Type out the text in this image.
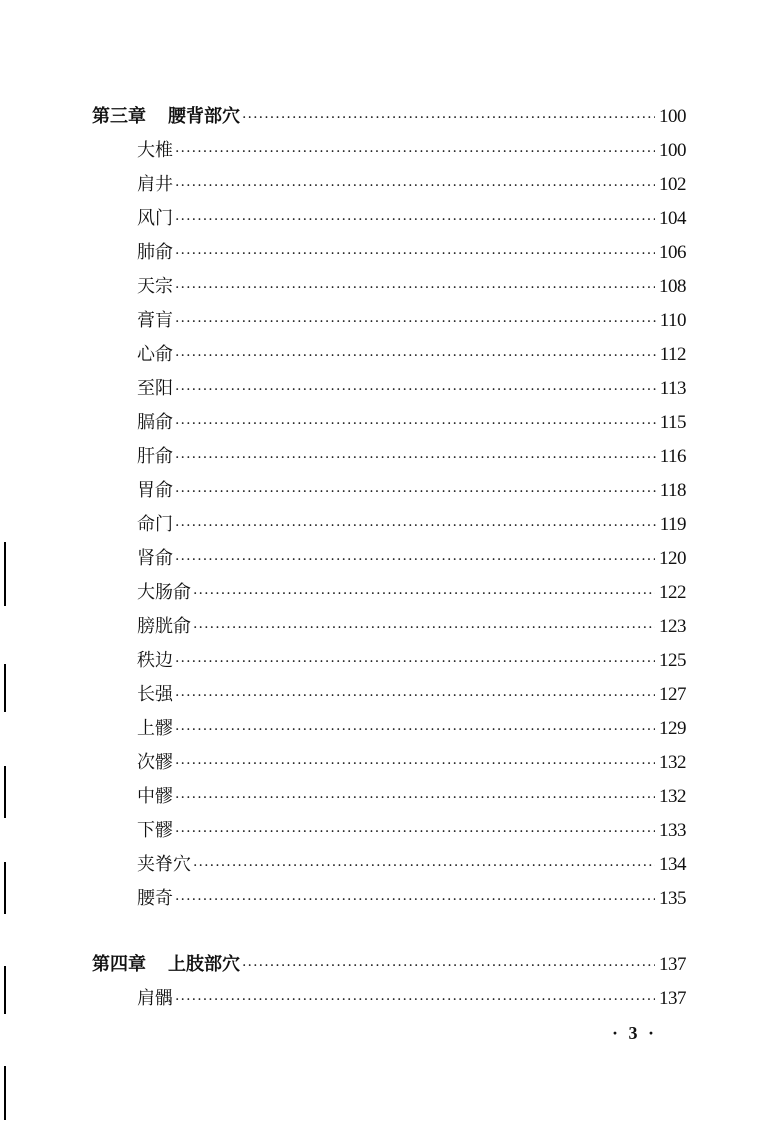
第三章 腰背部穴 ·····	100
大椎 ·····	100
肩井 ·····	102
风门 ·····	104
肺俞 ·····	106
天宗 ·····	108
膏肓 ·····	110
心俞 ·····	112
至阳 ·····	113
膈俞 ·····	115
肝俞 ·····	116
胃俞 ·····	118
命门 ·····	119
肾俞 ·····	120
大肠俞 ·····	122
膀胱俞 ·····	123
秩边 ·····	125
长强 ·····	127
上髎 ·····	129
次髎 ·····	132
中髎 ·····	132
下髎 ·····	133
夹脊穴 ·····	134
腰奇 ·····	135
第四章 上肢部穴 ·····	137
肩髃 ·····	137
· 3 ·
